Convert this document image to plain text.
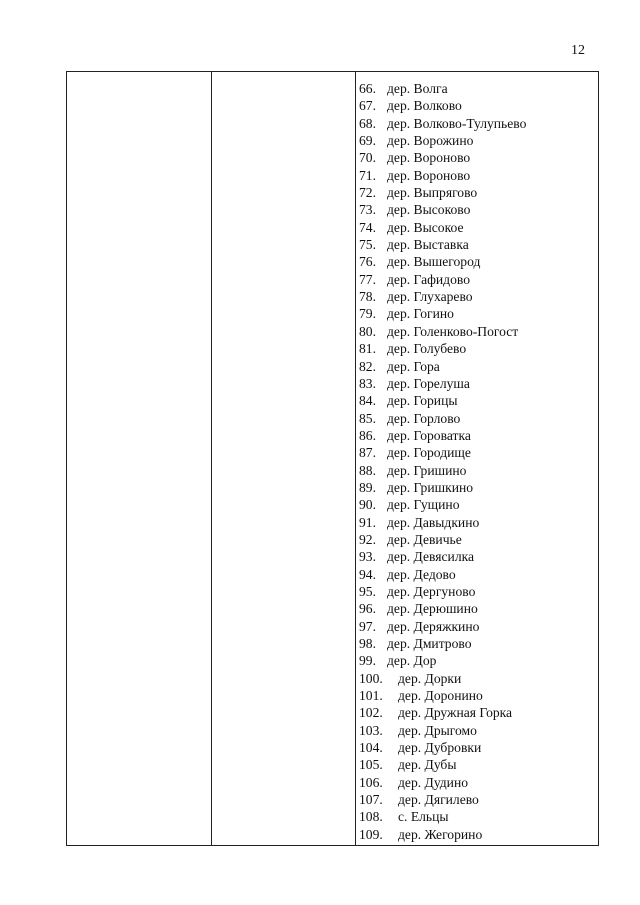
12
66. дер. Волга
67. дер. Волково
68. дер. Волково-Тулупьево
69. дер. Ворожино
70. дер. Вороново
71. дер. Вороново
72. дер. Выпрягово
73. дер. Высоково
74. дер. Высокое
75. дер. Выставка
76. дер. Вышегород
77. дер. Гафидово
78. дер. Глухарево
79. дер. Гогино
80. дер. Голенково-Погост
81. дер. Голубево
82. дер. Гора
83. дер. Горелуша
84. дер. Горицы
85. дер. Горлово
86. дер. Горoватка
87. дер. Городище
88. дер. Гришино
89. дер. Гришкино
90. дер. Гущино
91. дер. Давыдкино
92. дер. Девичье
93. дер. Девясилка
94. дер. Дедово
95. дер. Дергуново
96. дер. Дерюшино
97. дер. Деряжкино
98. дер. Дмитрово
99. дер. Дор
100.	дер. Дорки
101.	дер. Доронино
102.	дер. Дружная Горка
103.	дер. Дрыгомо
104.	дер. Дубровки
105.	дер. Дубы
106.	дер. Дудино
107.	дер. Дягилево
108.	с. Ельцы
109.	дер. Жегорино
